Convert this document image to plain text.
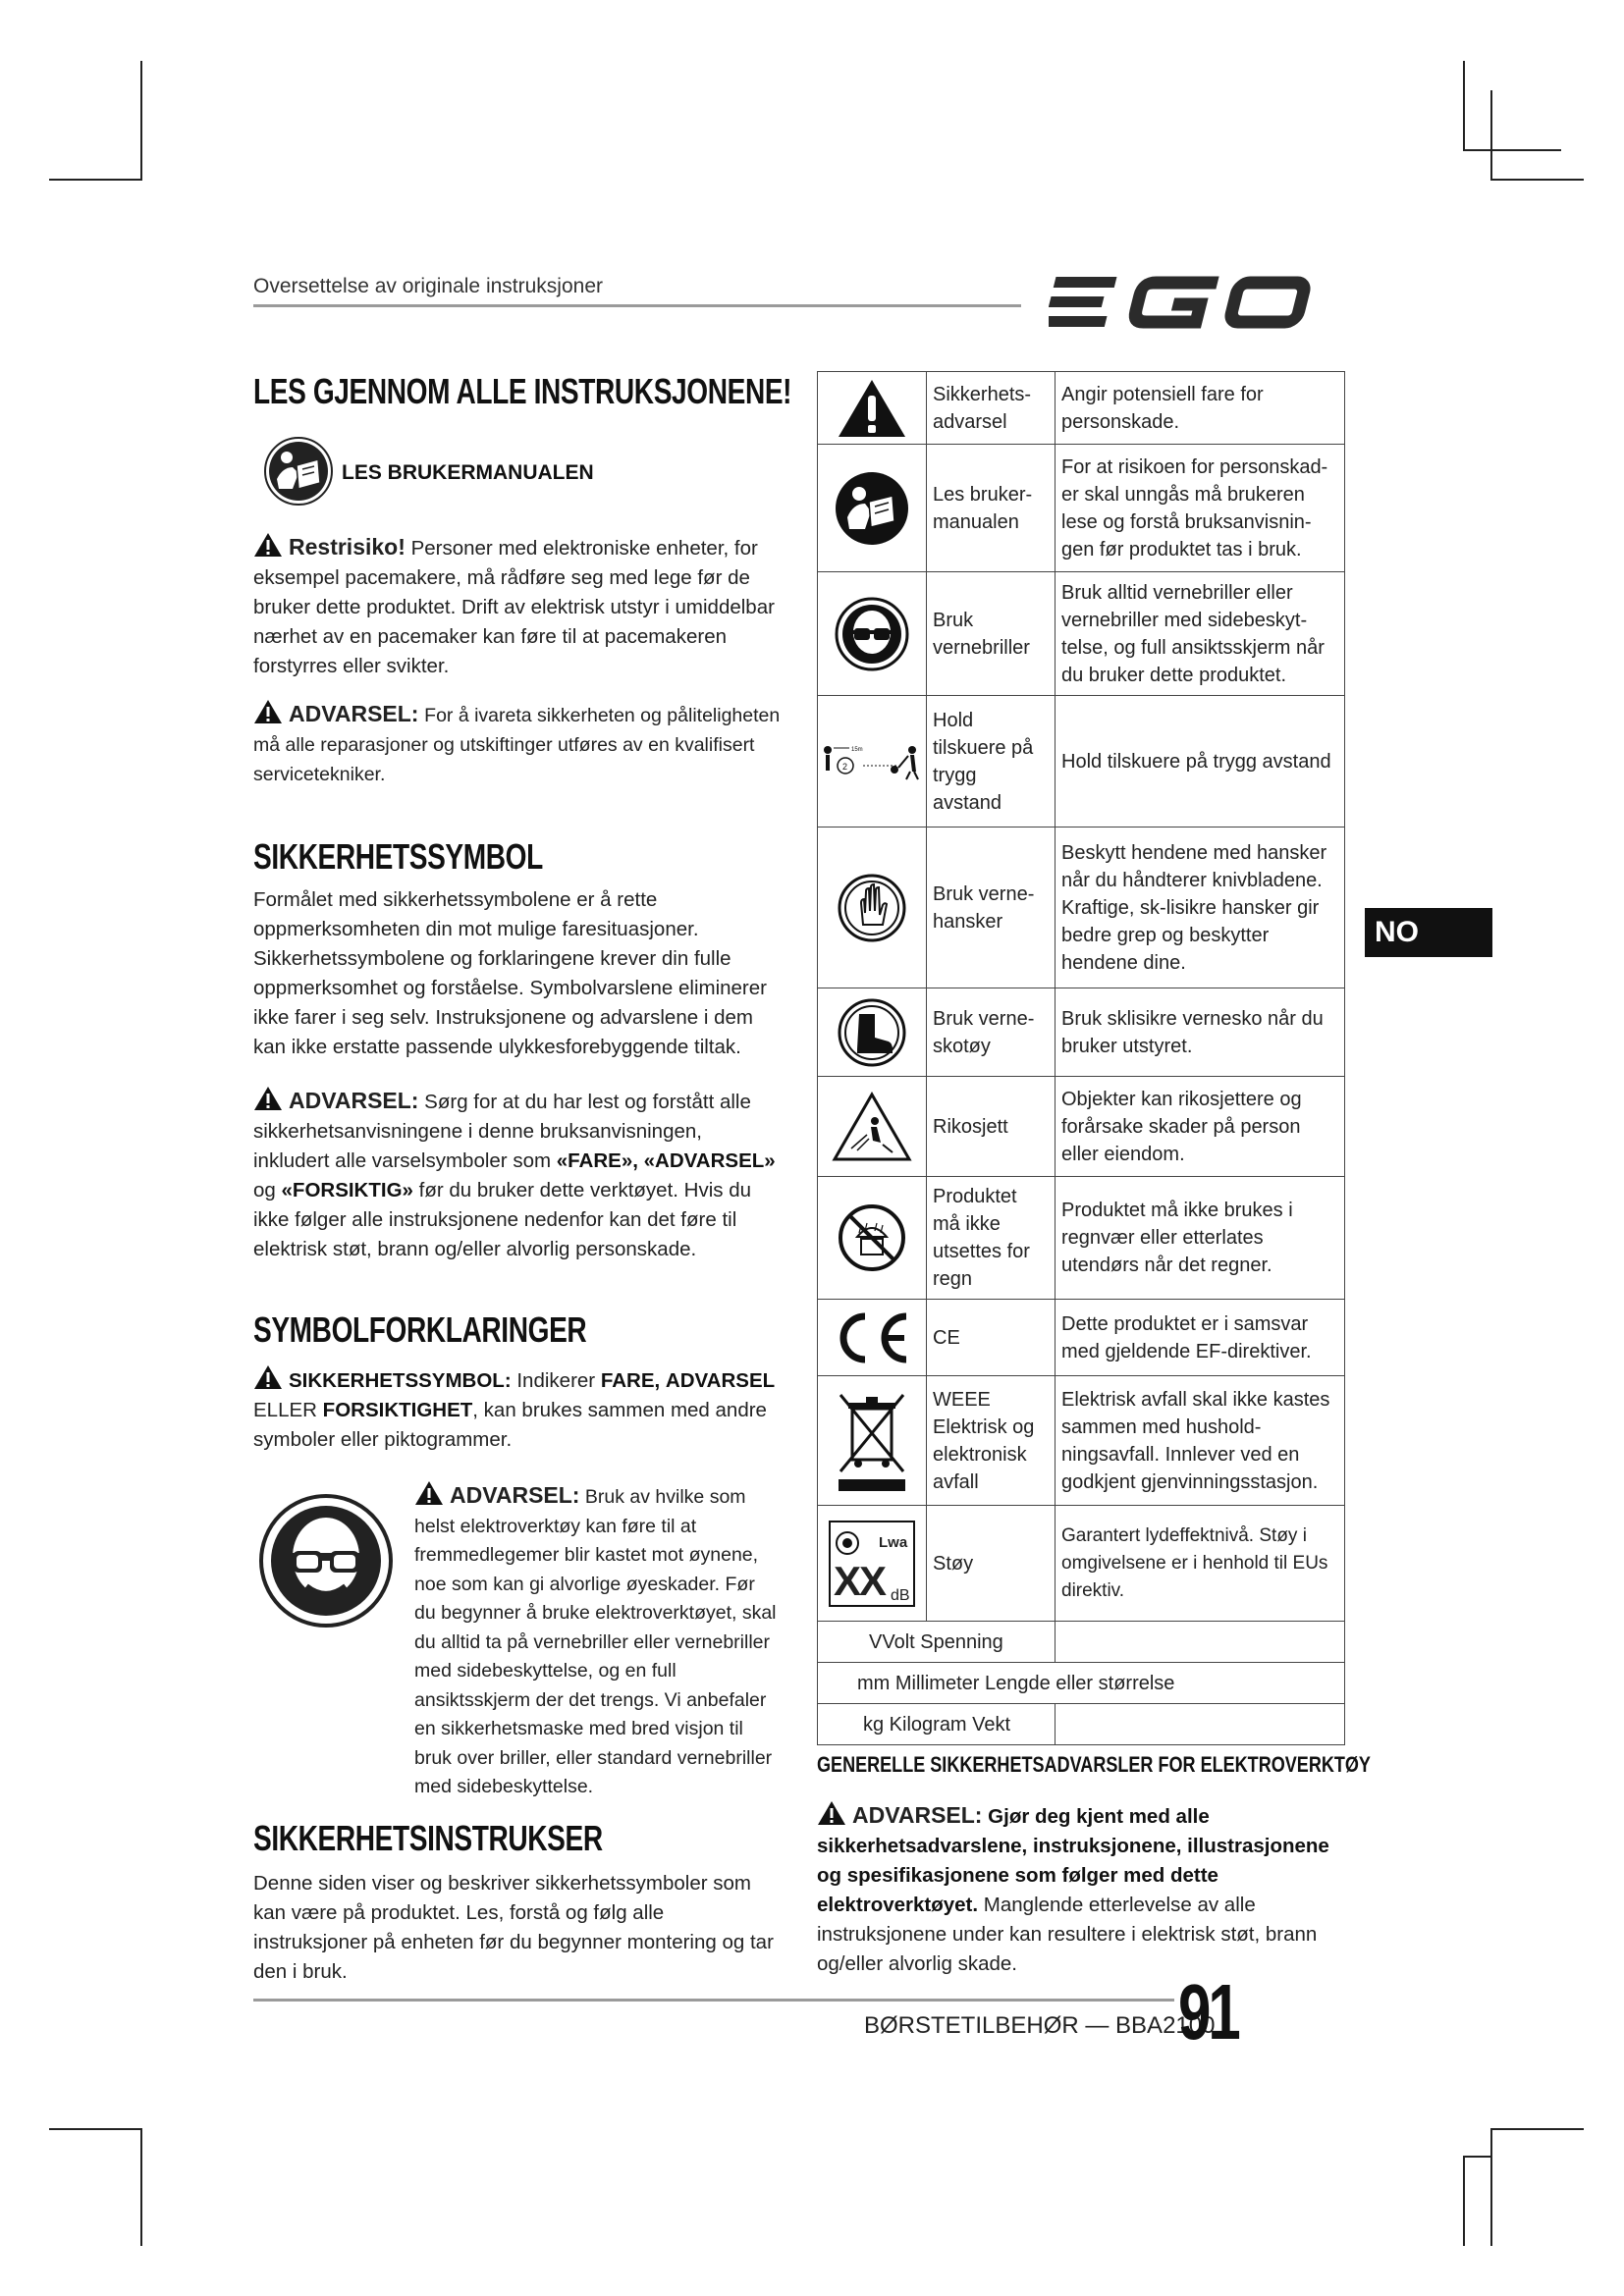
Oversettelse av originale instruksjoner
LES GJENNOM ALLE INSTRUKSJONENE!
LES BRUKERMANUALEN
Restrisiko! Personer med elektroniske enheter, for eksempel pacemakere, må rådføre seg med lege før de bruker dette produktet. Drift av elektrisk utstyr i umiddelbar nærhet av en pacemaker kan føre til at pacemakeren forstyrres eller svikter.
ADVARSEL: For å ivareta sikkerheten og påliteligheten må alle reparasjoner og utskiftinger utføres av en kvalifisert servicetekniker.
SIKKERHETSSYMBOL
Formålet med sikkerhetssymbolene er å rette oppmerksomheten din mot mulige faresituasjoner. Sikkerhetssymbolene og forklaringene krever din fulle oppmerksomhet og forståelse. Symbolvarslene eliminerer ikke farer i seg selv. Instruksjonene og advarslene i dem kan ikke erstatte passende ulykkesforebyggende tiltak.
ADVARSEL: Sørg for at du har lest og forstått alle sikkerhetsanvisningene i denne bruksanvisningen, inkludert alle varselsymboler som «FARE», «ADVARSEL» og «FORSIKTIG» før du bruker dette verktøyet. Hvis du ikke følger alle instruksjonene nedenfor kan det føre til elektrisk støt, brann og/eller alvorlig personskade.
SYMBOLFORKLARINGER
SIKKERHETSSYMBOL: Indikerer FARE, ADVARSEL ELLER FORSIKTIGHET, kan brukes sammen med andre symboler eller piktogrammer.
ADVARSEL: Bruk av hvilke som helst elektroverktøy kan føre til at fremmedlegemer blir kastet mot øynene, noe som kan gi alvorlige øyeskader. Før du begynner å bruke elektroverktøyet, skal du alltid ta på vernebriller eller vernebriller med sidebeskyttelse, og en full ansiktsskjerm der det trengs. Vi anbefaler en sikkerhetsmaske med bred visjon til bruk over briller, eller standard vernebriller med sidebeskyttelse.
SIKKERHETSINSTRUKSER
Denne siden viser og beskriver sikkerhetssymboler som kan være på produktet. Les, forstå og følg alle instruksjoner på enheten før du begynner montering og tar den i bruk.
NO
	Sikkerhets-advarsel	Angir potensiell fare for personskade.

	Les bruker-manualen	For at risikoen for personskad-er skal unngås må brukeren lese og forstå bruksanvisnin-gen før produktet tas i bruk.

	Bruk vernebriller	Bruk alltid vernebriller eller vernebriller med sidebeskyt-telse, og full ansiktsskjerm når du bruker dette produktet.

15m
2	Hold tilskuere på trygg avstand	Hold tilskuere på trygg avstand

	Bruk verne-hansker	Beskytt hendene med hansker når du håndterer knivbladene. Kraftige, sk-lisikre hansker gir bedre grep og beskytter hendene dine.

	Bruk verne-skotøy	Bruk sklisikre vernesko når du bruker utstyret.

	Rikosjett	Objekter kan rikosjettere og forårsake skader på person eller eiendom.

	Produktet må ikke utsettes for regn	Produktet må ikke brukes i regnvær eller etterlates utendørs når det regner.

	CE	Dette produktet er i samsvar med gjeldende EF-direktiver.

	WEEE Elektrisk og elektronisk avfall	Elektrisk avfall skal ikke kastes sammen med hushold-ningsavfall. Innlever ved en godkjent gjenvinningsstasjon.

Lwa
XX dB	Støy	Garantert lydeffektnivå. Støy i omgivelsene er i henhold til EUs direktiv.
VVolt Spenning		
mm Millimeter Lengde eller størrelse		
kg Kilogram Vekt		
GENERELLE SIKKERHETSADVARSLER FOR ELEKTROVERKTØY
ADVARSEL: Gjør deg kjent med alle sikkerhetsadvarslene, instruksjonene, illustrasjonene og spesifikasjonene som følger med dette elektroverktøyet. Manglende etterlevelse av alle instruksjonene under kan resultere i elektrisk støt, brann og/eller alvorlig skade.
BØRSTETILBEHØR — BBA2100
91
